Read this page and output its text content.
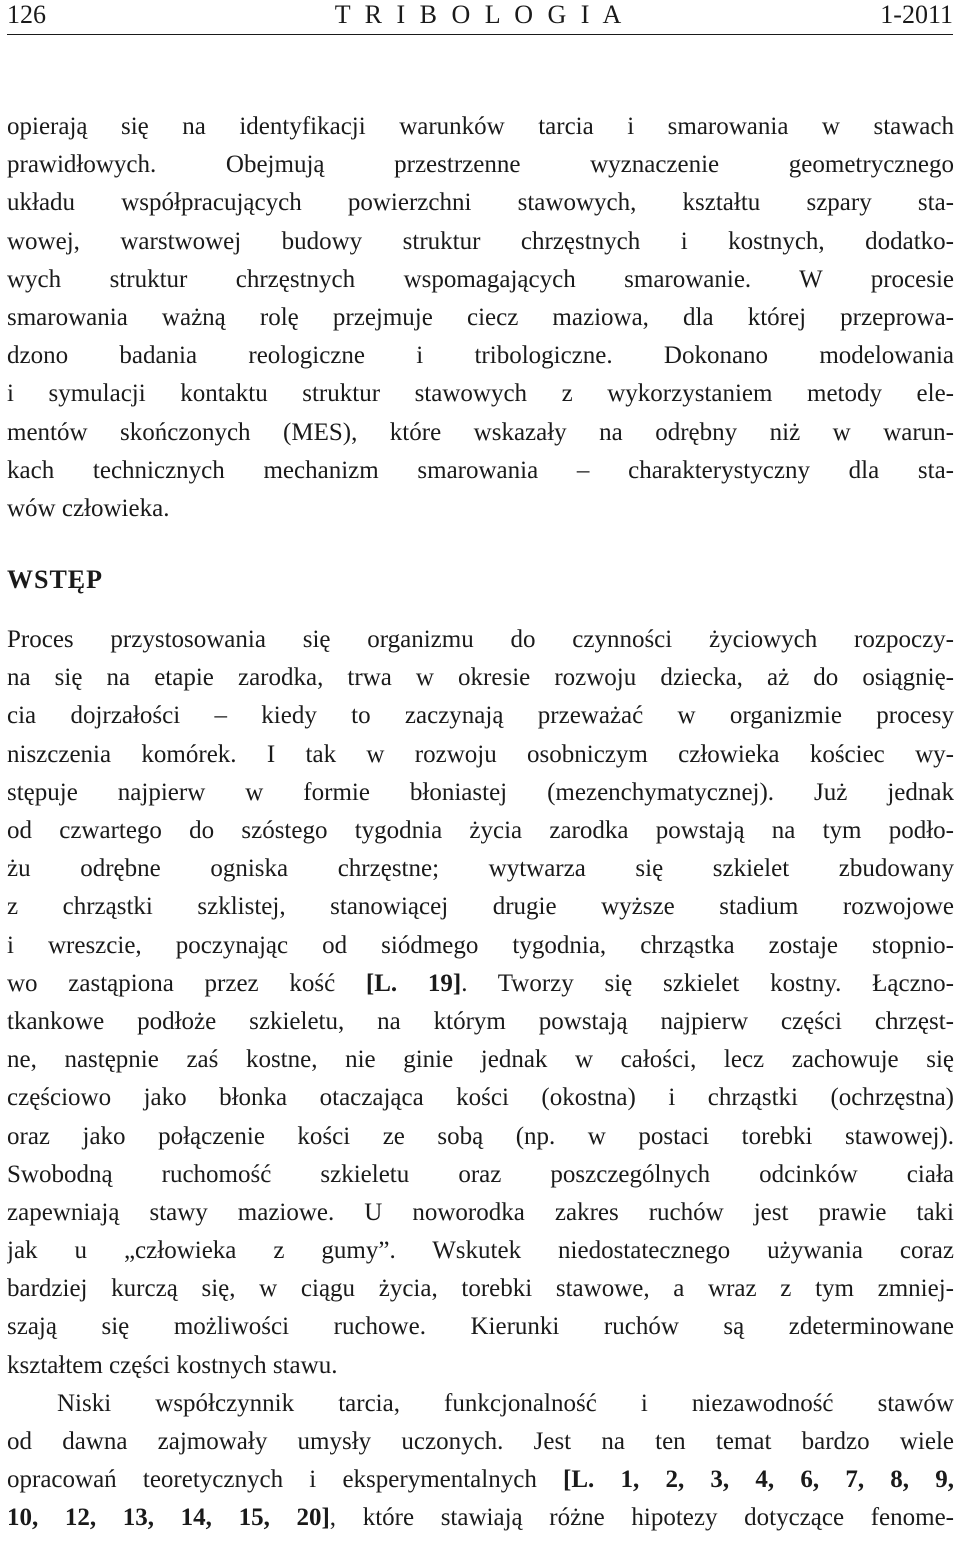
126	T R I B O L O G I A	1-2011
opierają się na identyfikacji warunków tarcia i smarowania w stawach
prawidłowych. Obejmują przestrzenne wyznaczenie geometrycznego
układu współpracujących powierzchni stawowych, kształtu szpary sta-
wowej, warstwowej budowy struktur chrzęstnych i kostnych, dodatko-
wych struktur chrzęstnych wspomagających smarowanie. W procesie
smarowania ważną rolę przejmuje ciecz maziowa, dla której przeprowa-
dzono badania reologiczne i tribologiczne. Dokonano modelowania
i symulacji kontaktu struktur stawowych z wykorzystaniem metody ele-
mentów skończonych (MES), które wskazały na odrębny niż w warun-
kach technicznych mechanizm smarowania – charakterystyczny dla sta-
wów człowieka.
WSTĘP
Proces przystosowania się organizmu do czynności życiowych rozpoczy-
na się na etapie zarodka, trwa w okresie rozwoju dziecka, aż do osiągnię-
cia dojrzałości – kiedy to zaczynają przeważać w organizmie procesy
niszczenia komórek. I tak w rozwoju osobniczym człowieka kościec wy-
stępuje najpierw w formie błoniastej (mezenchymatycznej). Już jednak
od czwartego do szóstego tygodnia życia zarodka powstają na tym podło-
żu odrębne ogniska chrzęstne; wytwarza się szkielet zbudowany
z chrząstki szklistej, stanowiącej drugie wyższe stadium rozwojowe
i wreszcie, poczynając od siódmego tygodnia, chrząstka zostaje stopnio-
wo zastąpiona przez kość [L. 19]. Tworzy się szkielet kostny. Łączno-
tkankowe podłoże szkieletu, na którym powstają najpierw części chrzęst-
ne, następnie zaś kostne, nie ginie jednak w całości, lecz zachowuje się
częściowo jako błonka otaczająca kości (okostna) i chrząstki (ochrzęstna)
oraz jako połączenie kości ze sobą (np. w postaci torebki stawowej).
Swobodną ruchomość szkieletu oraz poszczególnych odcinków ciała
zapewniają stawy maziowe. U noworodka zakres ruchów jest prawie taki
jak u „człowieka z gumy”. Wskutek niedostatecznego używania coraz
bardziej kurczą się, w ciągu życia, torebki stawowe, a wraz z tym zmniej-
szają się możliwości ruchowe. Kierunki ruchów są zdeterminowane
kształtem części kostnych stawu.
Niski współczynnik tarcia, funkcjonalność i niezawodność stawów
od dawna zajmowały umysły uczonych. Jest na ten temat bardzo wiele
opracowań teoretycznych i eksperymentalnych [L. 1, 2, 3, 4, 6, 7, 8, 9,
10, 12, 13, 14, 15, 20], które stawiają różne hipotezy dotyczące fenome-
